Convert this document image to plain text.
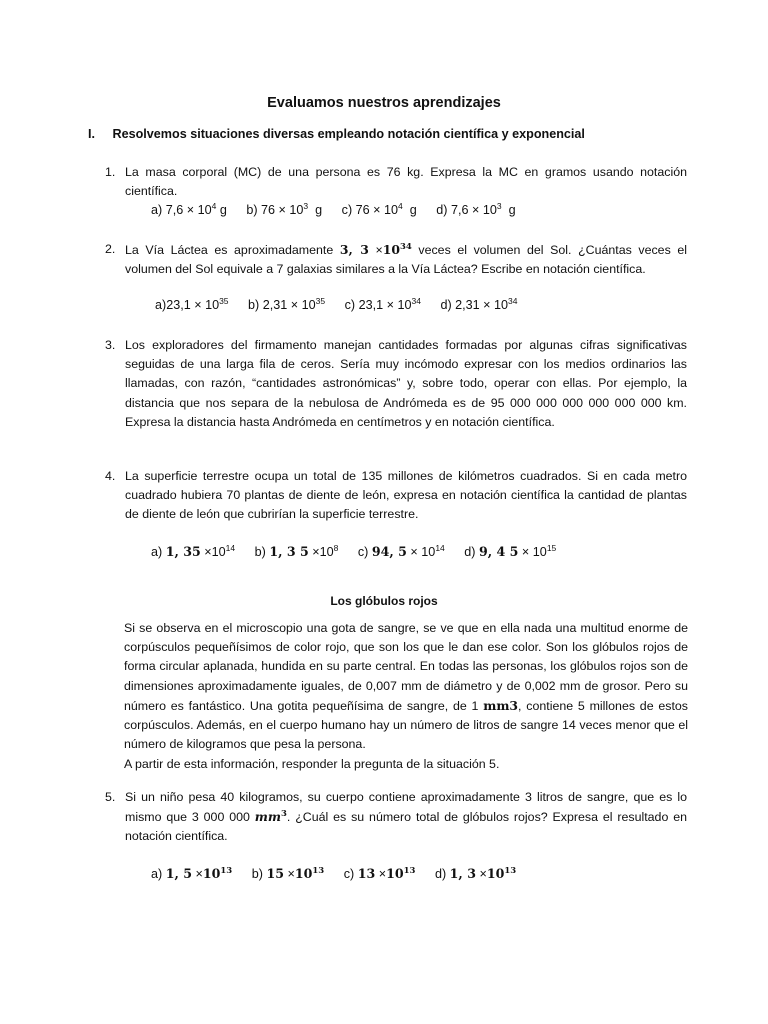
Evaluamos nuestros aprendizajes
I. Resolvemos situaciones diversas empleando notación científica y exponencial
1. La masa corporal (MC) de una persona es 76 kg. Expresa la MC en gramos usando notación científica.
a) $7,6 \times 10^4$ g b) $76 \times 10^3$ g c) $76 \times 10^4$ g d) $7,6 \times 10^3$ g
2. La Vía Láctea es aproximadamente 3, $3 \times 10^{34}$ veces el volumen del Sol. ¿Cuántas veces el volumen del Sol equivale a 7 galaxias similares a la Vía Láctea? Escribe en notación científica.
$a)23,1 \times 10^{35}$ b) $2,31 \times 10^{35}$ c) $23,1 \times 10^{34}$ d) $2,31 \times 10^{34}$
3. Los exploradores del firmamento manejan cantidades formadas por algunas cifras significativas seguidas de una larga fila de ceros. Sería muy incómodo expresar con los medios ordinarios las llamadas, con razón, “cantidades astronómicas” y, sobre todo, operar con ellas. Por ejemplo, la distancia que nos separa de la nebulosa de Andrómeda es de 95 000 000 000 000 000 000 km. Expresa la distancia hasta Andrómeda en centímetros y en notación científica.
4. La superficie terrestre ocupa un total de 135 millones de kilómetros cuadrados. Si en cada metro cuadrado hubiera 70 plantas de diente de león, expresa en notación científica la cantidad de plantas de diente de león que cubrirían la superficie terrestre.
a) 1, $35 \times 10^{14}$ b) 1, 3 $5 \times 10^8$ c) 94, $5 \times 10^{14}$ d) 9, 4 $5 \times 10^{15}$
Los glóbulos rojos

Si se observa en el microscopio una gota de sangre, se ve que en ella nada una multitud enorme de corpúsculos pequeñísimos de color rojo, que son los que le dan ese color. Son los glóbulos rojos de forma circular aplanada, hundida en su parte central. En todas las personas, los glóbulos rojos son de dimensiones aproximadamente iguales, de 0,007 mm de diámetro y de 0,002 mm de grosor. Pero su número es fantástico. Una gotita pequeñísima de sangre, de 1 mm3, contiene 5 millones de estos corpúsculos. Además, en el cuerpo humano hay un número de litros de sangre 14 veces menor que el número de kilogramos que pesa la persona.

A partir de esta información, responder la pregunta de la situación 5.

5. Si un niño pesa 40 kilogramos, su cuerpo contiene aproximadamente 3 litros de sangre, que es lo mismo que 3 000 000 $mm^3$. ¿Cuál es su número total de glóbulos rojos? Expresa el resultado en notación científica.
a) 1, $5 \times 10^{13}$ b) $15 \times 10^{13}$ c) $13 \times 10^{13}$ d) 1, $3 \times 10^{13}$
